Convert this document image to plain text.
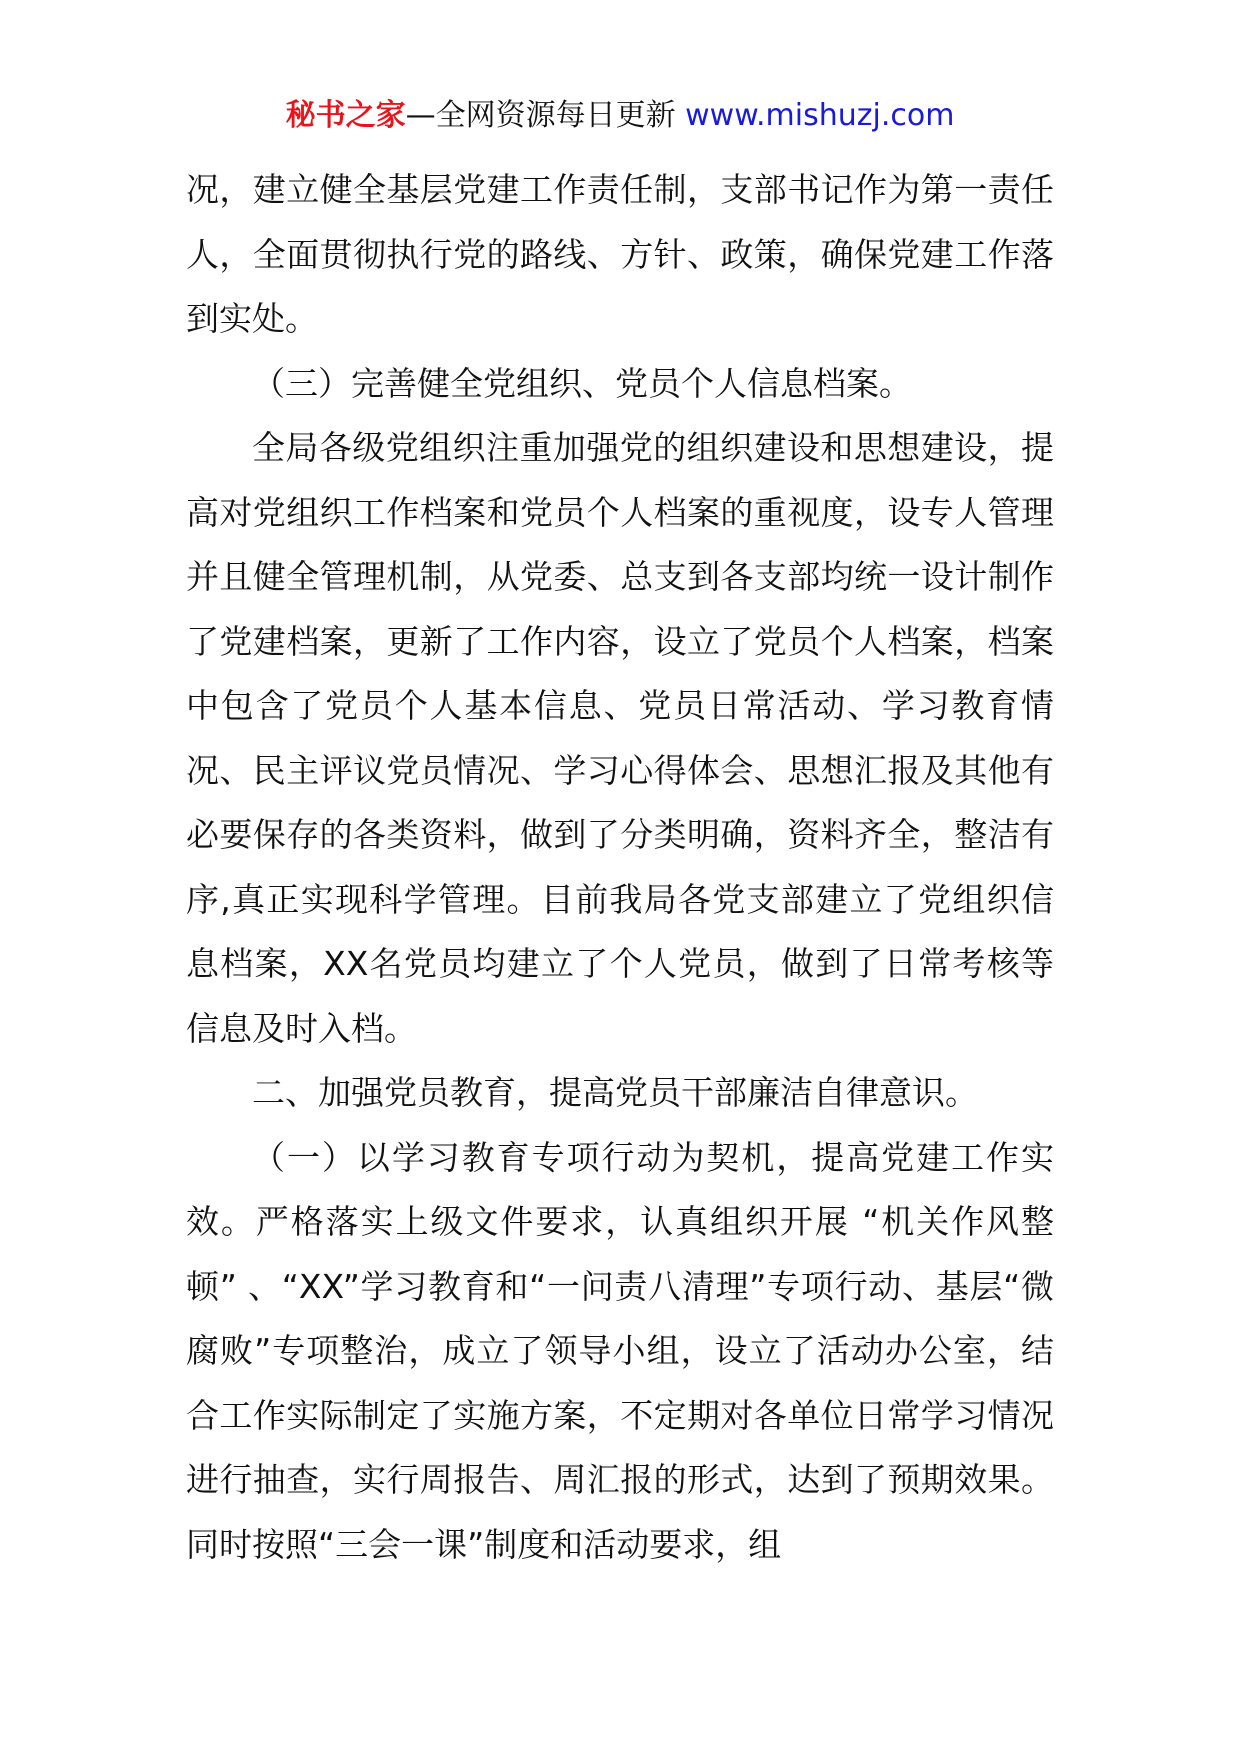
秘书之家—全网资源每日更新 www.mishuzj.com

况，建立健全基层党建工作责任制，支部书记作为第一责任人，全面贯彻执行党的路线、方针、政策，确保党建工作落到实处。

（三）完善健全党组织、党员个人信息档案。

全局各级党组织注重加强党的组织建设和思想建设，提高对党组织工作档案和党员个人档案的重视度，设专人管理并且健全管理机制，从党委、总支到各支部均统一设计制作了党建档案，更新了工作内容，设立了党员个人档案，档案中包含了党员个人基本信息、党员日常活动、学习教育情况、民主评议党员情况、学习心得体会、思想汇报及其他有必要保存的各类资料，做到了分类明确，资料齐全，整洁有序,真正实现科学管理。目前我局各党支部建立了党组织信息档案，XX名党员均建立了个人党员，做到了日常考核等信息及时入档。

二、加强党员教育，提高党员干部廉洁自律意识。

（一）以学习教育专项行动为契机，提高党建工作实效。严格落实上级文件要求，认真组织开展 “机关作风整顿” 、“XX”学习教育和“一问责八清理”专项行动、基层“微腐败”专项整治，成立了领导小组，设立了活动办公室，结合工作实际制定了实施方案，不定期对各单位日常学习情况进行抽查，实行周报告、周汇报的形式，达到了预期效果。同时按照“三会一课”制度和活动要求，组
